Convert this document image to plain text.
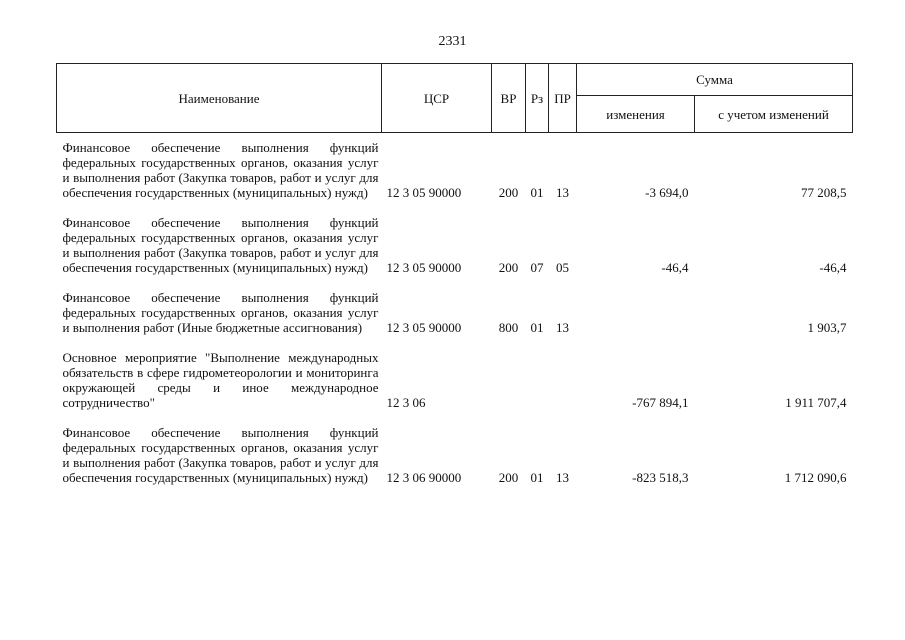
2331
Наименование	ЦСР	ВР	Рз	ПР	Сумма	
					изменения	с учетом изменений
Финансовое обеспечение выполнения функций федеральных государственных органов, оказания услуг и выполнения работ (Закупка товаров, работ и услуг для обеспечения государственных (муниципальных) нужд)	12 3 05 90000	200	01	13	-3 694,0	77 208,5
Финансовое обеспечение выполнения функций федеральных государственных органов, оказания услуг и выполнения работ (Закупка товаров, работ и услуг для обеспечения государственных (муниципальных) нужд)	12 3 05 90000	200	07	05	-46,4	-46,4
Финансовое обеспечение выполнения функций федеральных государственных органов, оказания услуг и выполнения работ (Иные бюджетные ассигнования)	12 3 05 90000	800	01	13		1 903,7
Основное мероприятие "Выполнение международных обязательств в сфере гидрометеорологии и мониторинга окружающей среды и иное международное сотрудничество"	12 3 06				-767 894,1	1 911 707,4
Финансовое обеспечение выполнения функций федеральных государственных органов, оказания услуг и выполнения работ (Закупка товаров, работ и услуг для обеспечения государственных (муниципальных) нужд)	12 3 06 90000	200	01	13	-823 518,3	1 712 090,6
